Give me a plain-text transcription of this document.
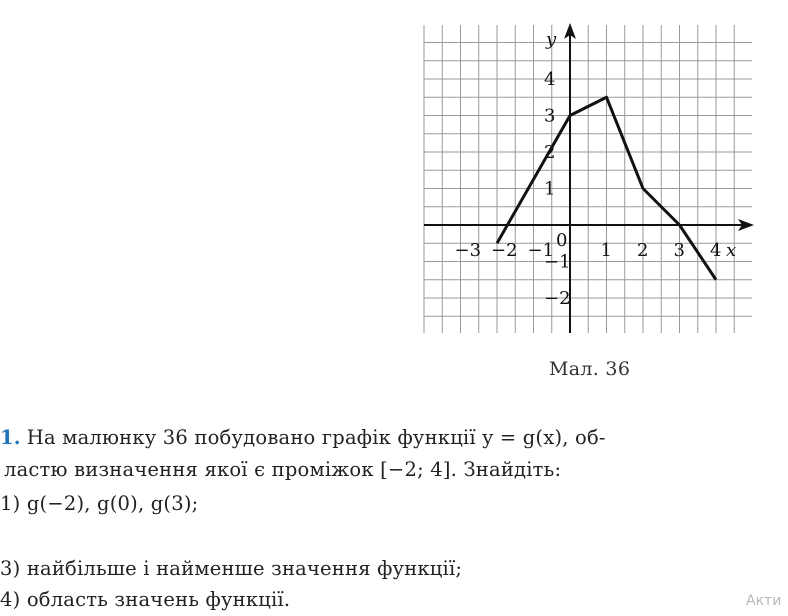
−3 −2 −1 0 1 2 3 4
4
3
2
1
−1
−2
x
y
Мал. 36
1. На малюнку 36 побудовано графік функції y = g(x), об-
ластю визначення якої є проміжок [−2; 4]. Знайдіть:
1) g(−2), g(0), g(3);
3) найбільше і найменше значення функції;
4) область значень функції.	Акти
